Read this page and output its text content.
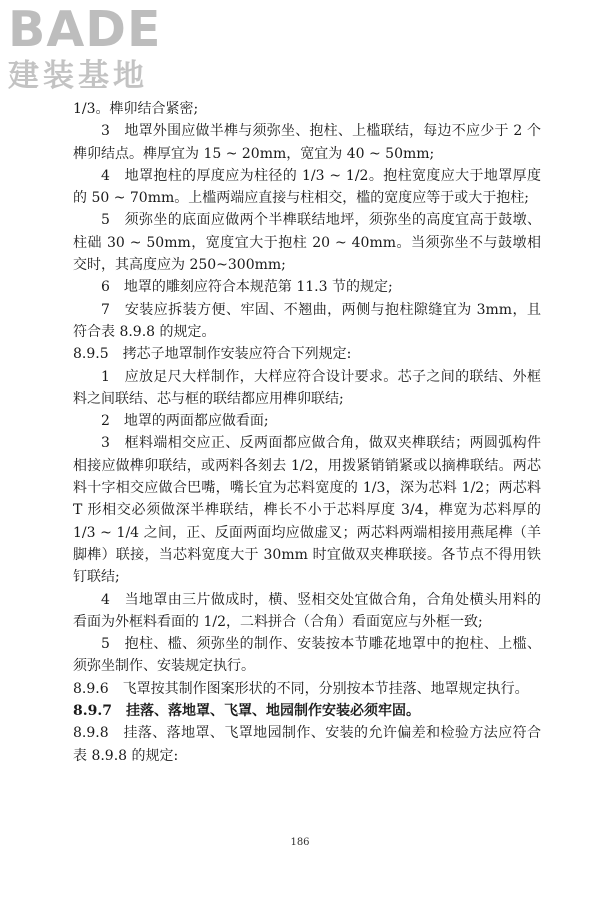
BADE
建装基地

1/3。榫卯结合紧密;

3　地罩外围应做半榫与须弥坐、抱柱、上槛联结，每边不应少于 2 个榫卯结点。榫厚宜为 15 ~ 20mm，宽宜为 40 ~ 50mm;

4　地罩抱柱的厚度应为柱径的 1/3 ~ 1/2。抱柱宽度应大于地罩厚度的 50 ~ 70mm。上槛两端应直接与柱相交，槛的宽度应等于或大于抱柱;

5　须弥坐的底面应做两个半榫联结地坪，须弥坐的高度宜高于鼓墩、柱础 30 ~ 50mm，宽度宜大于抱柱 20 ~ 40mm。当须弥坐不与鼓墩相交时，其高度应为 250~300mm;

6　地罩的雕刻应符合本规范第 11.3 节的规定;

7　安装应拆装方便、牢固、不翘曲，两侧与抱柱隙缝宜为 3mm，且符合表 8.9.8 的规定。

8.9.5　拷芯子地罩制作安装应符合下列规定:

1　应放足尺大样制作，大样应符合设计要求。芯子之间的联结、外框料之间联结、芯与框的联结都应用榫卯联结;

2　地罩的两面都应做看面;

3　框料端相交应正、反两面都应做合角，做双夹榫联结；两圆弧构件相接应做榫卯联结，或两料各刻去 1/2，用拨紧销销紧或以摘榫联结。两芯料十字相交应做合巴嘴，嘴长宜为芯料宽度的 1/3，深为芯料 1/2；两芯料 T 形相交必须做深半榫联结，榫长不小于芯料厚度 3/4，榫宽为芯料厚的 1/3 ~ 1/4 之间，正、反面两面均应做虚叉；两芯料两端相接用燕尾榫（羊脚榫）联接，当芯料宽度大于 30mm 时宜做双夹榫联接。各节点不得用铁钉联结;

4　当地罩由三片做成时，横、竖相交处宜做合角，合角处横头用料的看面为外框料看面的 1/2，二料拼合（合角）看面宽应与外框一致;

5　抱柱、槛、须弥坐的制作、安装按本节雕花地罩中的抱柱、上槛、须弥坐制作、安装规定执行。

8.9.6　飞罩按其制作图案形状的不同，分别按本节挂落、地罩规定执行。

8.9.7　挂落、落地罩、飞罩、地园制作安装必须牢固。

8.9.8　挂落、落地罩、飞罩地园制作、安装的允许偏差和检验方法应符合表 8.9.8 的规定:

186
